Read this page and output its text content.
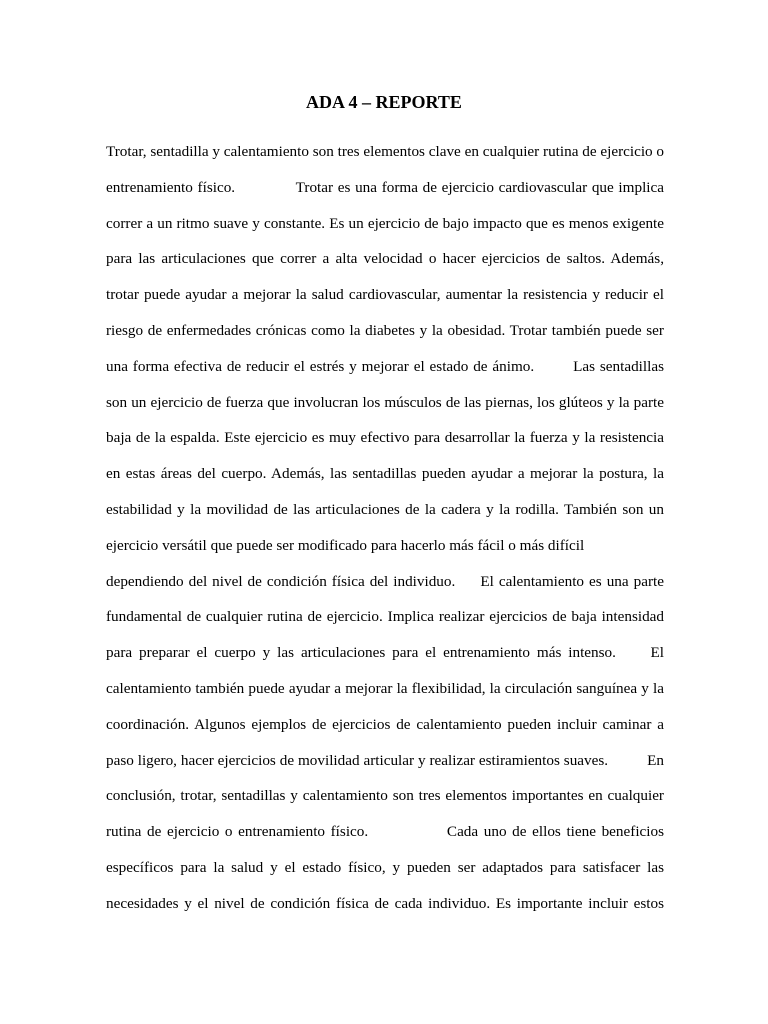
ADA 4 – REPORTE
Trotar, sentadilla y calentamiento son tres elementos clave en cualquier rutina de ejercicio o
entrenamiento físico.             Trotar es una forma de ejercicio cardiovascular que implica
correr a un ritmo suave y constante. Es un ejercicio de bajo impacto que es menos exigente
para las articulaciones que correr a alta velocidad o hacer ejercicios de saltos. Además,
trotar puede ayudar a mejorar la salud cardiovascular, aumentar la resistencia y reducir el
riesgo de enfermedades crónicas como la diabetes y la obesidad. Trotar también puede ser
una forma efectiva de reducir el estrés y mejorar el estado de ánimo.        Las sentadillas
son un ejercicio de fuerza que involucran los músculos de las piernas, los glúteos y la parte
baja de la espalda. Este ejercicio es muy efectivo para desarrollar la fuerza y la resistencia
en estas áreas del cuerpo. Además, las sentadillas pueden ayudar a mejorar la postura, la
estabilidad y la movilidad de las articulaciones de la cadera y la rodilla. También son un
ejercicio versátil que puede ser modificado para hacerlo más fácil o más difícil
dependiendo del nivel de condición física del individuo.     El calentamiento es una parte
fundamental de cualquier rutina de ejercicio. Implica realizar ejercicios de baja intensidad
para preparar el cuerpo y las articulaciones para el entrenamiento más intenso.     El
calentamiento también puede ayudar a mejorar la flexibilidad, la circulación sanguínea y la
coordinación. Algunos ejemplos de ejercicios de calentamiento pueden incluir caminar a
paso ligero, hacer ejercicios de movilidad articular y realizar estiramientos suaves.          En
conclusión, trotar, sentadillas y calentamiento son tres elementos importantes en cualquier
rutina de ejercicio o entrenamiento físico.              Cada uno de ellos tiene beneficios
específicos para la salud y el estado físico, y pueden ser adaptados para satisfacer las
necesidades y el nivel de condición física de cada individuo. Es importante incluir estos
